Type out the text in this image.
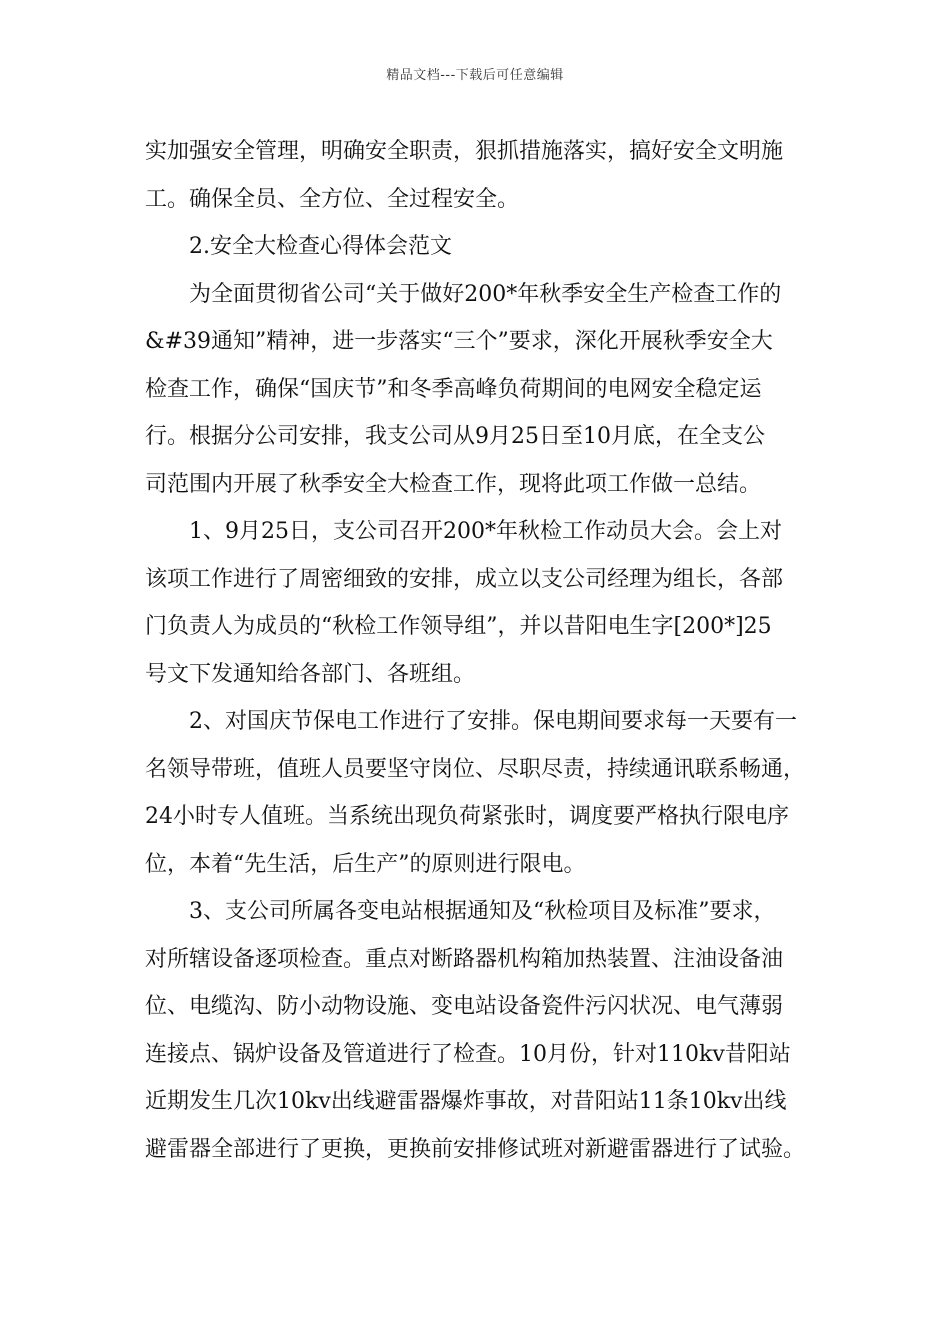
精品文档---下载后可任意编辑
实加强安全管理，明确安全职责，狠抓措施落实，搞好安全文明施
工。确保全员、全方位、全过程安全。
2.安全大检查心得体会范文
为全面贯彻省公司“关于做好200*年秋季安全生产检查工作的
&#39通知”精神，进一步落实“三个”要求，深化开展秋季安全大
检查工作，确保“国庆节”和冬季高峰负荷期间的电网安全稳定运
行。根据分公司安排，我支公司从9月25日至10月底，在全支公
司范围内开展了秋季安全大检查工作，现将此项工作做一总结。
1、9月25日，支公司召开200*年秋检工作动员大会。会上对
该项工作进行了周密细致的安排，成立以支公司经理为组长，各部
门负责人为成员的“秋检工作领导组”，并以昔阳电生字[200*]25
号文下发通知给各部门、各班组。
2、对国庆节保电工作进行了安排。保电期间要求每一天要有一
名领导带班，值班人员要坚守岗位、尽职尽责，持续通讯联系畅通，
24小时专人值班。当系统出现负荷紧张时，调度要严格执行限电序
位，本着“先生活，后生产”的原则进行限电。
3、支公司所属各变电站根据通知及“秋检项目及标准”要求，
对所辖设备逐项检查。重点对断路器机构箱加热装置、注油设备油
位、电缆沟、防小动物设施、变电站设备瓷件污闪状况、电气薄弱
连接点、锅炉设备及管道进行了检查。10月份，针对110kv昔阳站
近期发生几次10kv出线避雷器爆炸事故，对昔阳站11条10kv出线
避雷器全部进行了更换，更换前安排修试班对新避雷器进行了试验。
